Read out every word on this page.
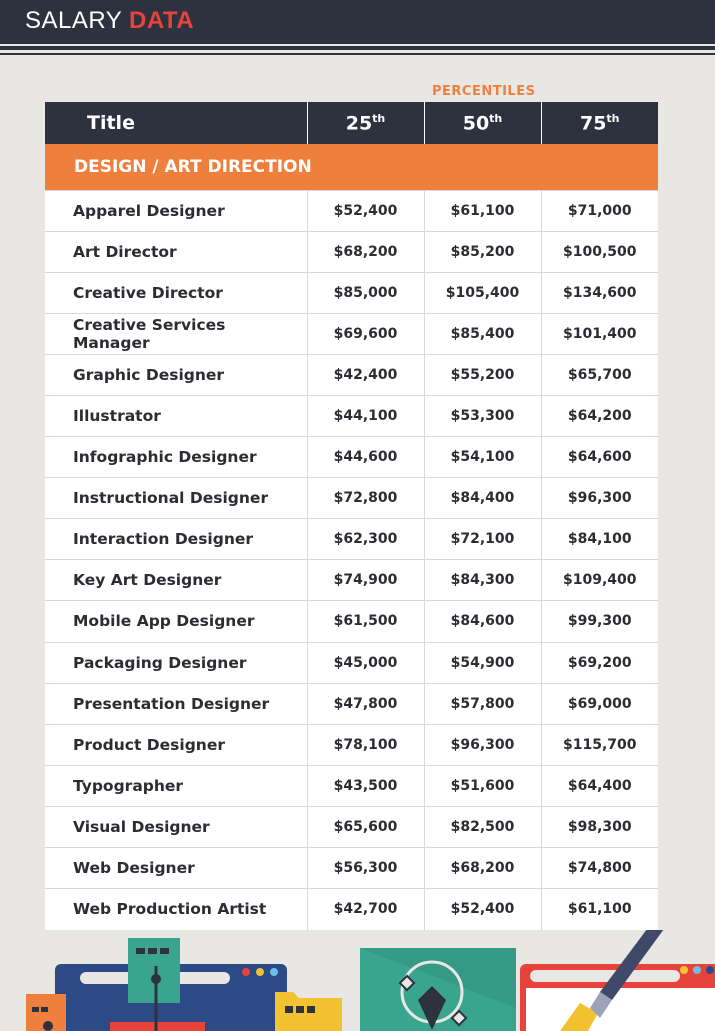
SALARY DATA
PERCENTILES
Title	25th	50th	75th
DESIGN / ART DIRECTION			
Apparel Designer	$52,400	$61,100	$71,000
Art Director	$68,200	$85,200	$100,500
Creative Director	$85,000	$105,400	$134,600
Creative Services Manager	$69,600	$85,400	$101,400
Graphic Designer	$42,400	$55,200	$65,700
Illustrator	$44,100	$53,300	$64,200
Infographic Designer	$44,600	$54,100	$64,600
Instructional Designer	$72,800	$84,400	$96,300
Interaction Designer	$62,300	$72,100	$84,100
Key Art Designer	$74,900	$84,300	$109,400
Mobile App Designer	$61,500	$84,600	$99,300
Packaging Designer	$45,000	$54,900	$69,200
Presentation Designer	$47,800	$57,800	$69,000
Product Designer	$78,100	$96,300	$115,700
Typographer	$43,500	$51,600	$64,400
Visual Designer	$65,600	$82,500	$98,300
Web Designer	$56,300	$68,200	$74,800
Web Production Artist	$42,700	$52,400	$61,100
